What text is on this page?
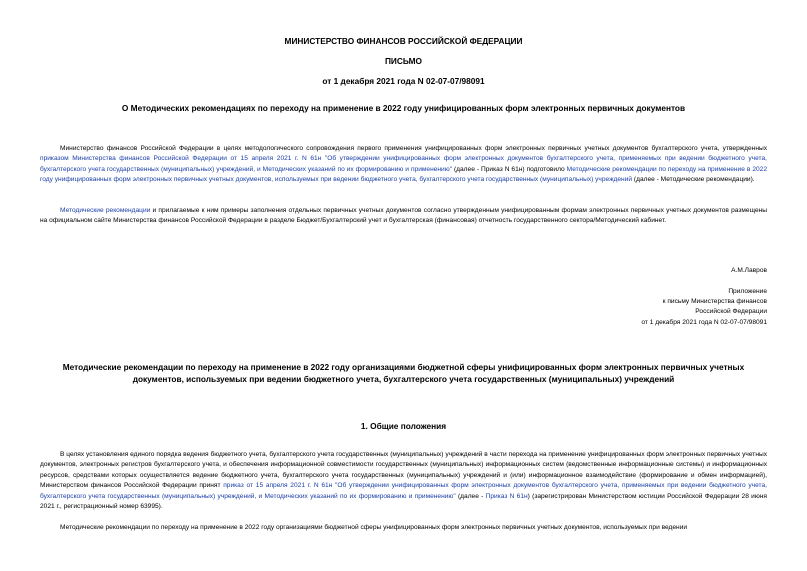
МИНИСТЕРСТВО ФИНАНСОВ РОССИЙСКОЙ ФЕДЕРАЦИИ

ПИСЬМО

от 1 декабря 2021 года N 02-07-07/98091

О Методических рекомендациях по переходу на применение в 2022 году унифицированных форм электронных первичных документов

Министерство финансов Российской Федерации в целях методологического сопровождения первого применения унифицированных форм электронных первичных учетных документов бухгалтерского учета, утвержденных приказом Министерства финансов Российской Федерации от 15 апреля 2021 г. N 61н "Об утверждении унифицированных форм электронных документов бухгалтерского учета, применяемых при ведении бюджетного учета, бухгалтерского учета государственных (муниципальных) учреждений, и Методических указаний по их формированию и применению" (далее - Приказ N 61н) подготовило Методические рекомендации по переходу на применение в 2022 году унифицированных форм электронных первичных учетных документов, используемых при ведении бюджетного учета, бухгалтерского учета государственных (муниципальных) учреждений (далее - Методические рекомендации).

Методические рекомендации и прилагаемые к ним примеры заполнения отдельных первичных учетных документов согласно утвержденным унифицированным формам электронных первичных учетных документов размещены на официальном сайте Министерства финансов Российской Федерации в разделе Бюджет/Бухгалтерский учет и бухгалтерская (финансовая) отчетность государственного сектора/Методический кабинет.

А.М.Лавров

Приложение
к письму Министерства финансов
Российской Федерации
от 1 декабря 2021 года N 02-07-07/98091

Методические рекомендации по переходу на применение в 2022 году организациями бюджетной сферы унифицированных форм электронных первичных учетных документов, используемых при ведении бюджетного учета, бухгалтерского учета государственных (муниципальных) учреждений

1. Общие положения

В целях установления единого порядка ведения бюджетного учета, бухгалтерского учета государственных (муниципальных) учреждений в части перехода на применение унифицированных форм электронных первичных учетных документов, электронных регистров бухгалтерского учета, и обеспечения информационной совместимости государственных (муниципальных) информационных систем (ведомственные информационные системы) и информационных ресурсов, средствами которых осуществляется ведение бюджетного учета, бухгалтерского учета государственных (муниципальных) учреждений и (или) информационное взаимодействие (формирование и обмен информацией), Министерством финансов Российской Федерации принят приказ от 15 апреля 2021 г. N 61н "Об утверждении унифицированных форм электронных документов бухгалтерского учета, применяемых при ведении бюджетного учета, бухгалтерского учета государственных (муниципальных) учреждений, и Методических указаний по их формированию и применению" (далее - Приказ N 61н) (зарегистрирован Министерством юстиции Российской Федерации 28 июня 2021 г., регистрационный номер 63995).

Методические рекомендации по переходу на применение в 2022 году организациями бюджетной сферы унифицированных форм электронных первичных учетных документов, используемых при ведении
